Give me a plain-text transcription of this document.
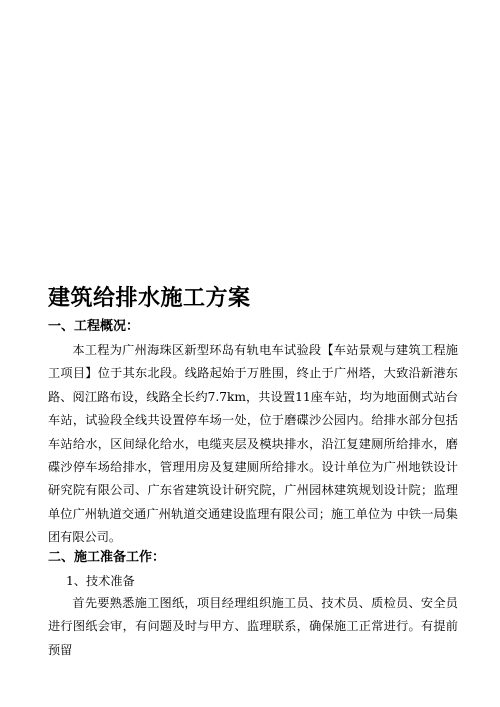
建筑给排水施工方案
一、工程概况：
本工程为广州海珠区新型环岛有轨电车试验段【车站景观与建筑工程施工项目】位于其东北段。线路起始于万胜围，终止于广州塔，大致沿新港东路、阅江路布设，线路全长约7.7km，共设置11座车站，均为地面侧式站台车站，试验段全线共设置停车场一处，位于磨碟沙公园内。给排水部分包括车站给水，区间绿化给水，电缆夹层及模块排水，沿江复建厕所给排水，磨碟沙停车场给排水，管理用房及复建厕所给排水。设计单位为广州地铁设计研究院有限公司、广东省建筑设计研究院，广州园林建筑规划设计院；监理单位广州轨道交通广州轨道交通建设监理有限公司；施工单位为 中铁一局集团有限公司。
二、施工准备工作：
1、技术准备
首先要熟悉施工图纸，项目经理组织施工员、技术员、质检员、安全员进行图纸会审，有问题及时与甲方、监理联系，确保施工正常进行。有提前预留
